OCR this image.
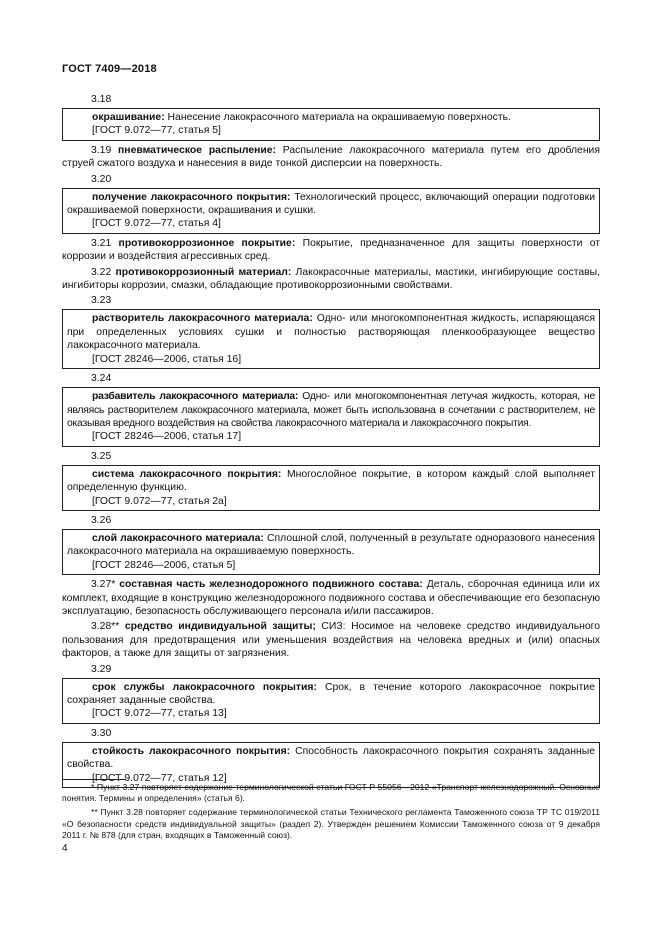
ГОСТ 7409—2018
3.18
окрашивание: Нанесение лакокрасочного материала на окрашиваемую поверхность.
[ГОСТ 9.072—77, статья 5]
3.19 пневматическое распыление: Распыление лакокрасочного материала путем его дробления струей сжатого воздуха и нанесения в виде тонкой дисперсии на поверхность.
3.20
получение лакокрасочного покрытия: Технологический процесс, включающий операции подготовки окрашиваемой поверхности, окрашивания и сушки.
[ГОСТ 9.072—77, статья 4]
3.21 противокоррозионное покрытие: Покрытие, предназначенное для защиты поверхности от коррозии и воздействия агрессивных сред.
3.22 противокоррозионный материал: Лакокрасочные материалы, мастики, ингибирующие составы, ингибиторы коррозии, смазки, обладающие противокоррозионными свойствами.
3.23
растворитель лакокрасочного материала: Одно- или многокомпонентная жидкость, испаряющаяся при определенных условиях сушки и полностью растворяющая пленкообразующее вещество лакокрасочного материала.
[ГОСТ 28246—2006, статья 16]
3.24
разбавитель лакокрасочного материала: Одно- или многокомпонентная летучая жидкость, которая, не являясь растворителем лакокрасочного материала, может быть использована в сочетании с растворителем, не оказывая вредного воздействия на свойства лакокрасочного материала и лакокрасочного покрытия.
[ГОСТ 28246—2006, статья 17]
3.25
система лакокрасочного покрытия: Многослойное покрытие, в котором каждый слой выполняет определенную функцию.
[ГОСТ 9.072—77, статья 2а]
3.26
слой лакокрасочного материала: Сплошной слой, полученный в результате одноразового нанесения лакокрасочного материала на окрашиваемую поверхность.
[ГОСТ 28246—2006, статья 5]
3.27* составная часть железнодорожного подвижного состава: Деталь, сборочная единица или их комплект, входящие в конструкцию железнодорожного подвижного состава и обеспечивающие его безопасную эксплуатацию, безопасность обслуживающего персонала и/или пассажиров.
3.28** средство индивидуальной защиты; СИЗ: Носимое на человеке средство индивидуального пользования для предотвращения или уменьшения воздействия на человека вредных и (или) опасных факторов, а также для защиты от загрязнения.
3.29
срок службы лакокрасочного покрытия: Срок, в течение которого лакокрасочное покрытие сохраняет заданные свойства.
[ГОСТ 9.072—77, статья 13]
3.30
стойкость лакокрасочного покрытия: Способность лакокрасочного покрытия сохранять заданные свойства.
[ГОСТ 9.072—77, статья 12]
* Пункт 3.27 повторяет содержание терминологической статьи ГОСТ Р 55056—2012 «Транспорт железнодорожный. Основные понятия. Термины и определения» (статья 6).
** Пункт 3.28 повторяет содержание терминологической статьи Технического регламента Таможенного союза ТР ТС 019/2011 «О безопасности средств индивидуальной защиты» (раздел 2). Утвержден решением Комиссии Таможенного союза от 9 декабря 2011 г. № 878 (для стран, входящих в Таможенный союз).
4
